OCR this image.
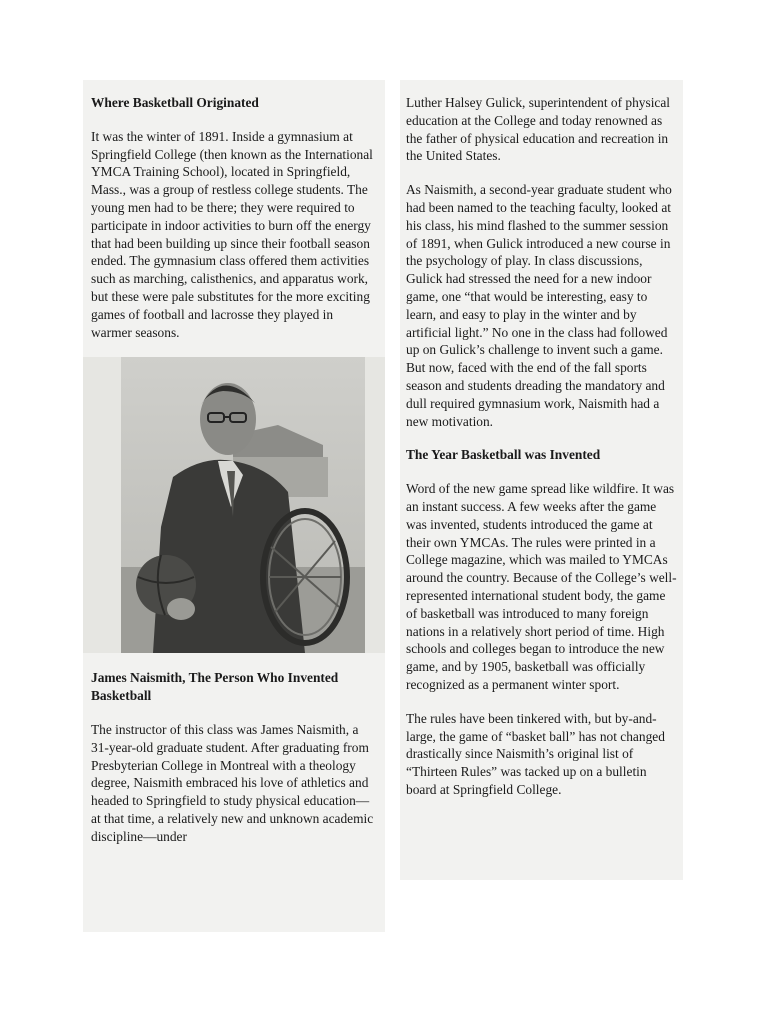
Where Basketball Originated

It was the winter of 1891. Inside a gymnasium at Springfield College (then known as the International YMCA Training School), located in Springfield, Mass., was a group of restless college students. The young men had to be there; they were required to participate in indoor activities to burn off the energy that had been building up since their football season ended. The gymnasium class offered them activities such as marching, calisthenics, and apparatus work, but these were pale substitutes for the more exciting games of football and lacrosse they played in warmer seasons.

James Naismith, The Person Who Invented Basketball

The instructor of this class was James Naismith, a 31-year-old graduate student. After graduating from Presbyterian College in Montreal with a theology degree, Naismith embraced his love of athletics and headed to Springfield to study physical education—at that time, a relatively new and unknown academic discipline—under

Luther Halsey Gulick, superintendent of physical education at the College and today renowned as the father of physical education and recreation in the United States.

As Naismith, a second-year graduate student who had been named to the teaching faculty, looked at his class, his mind flashed to the summer session of 1891, when Gulick introduced a new course in the psychology of play. In class discussions, Gulick had stressed the need for a new indoor game, one “that would be interesting, easy to learn, and easy to play in the winter and by artificial light.” No one in the class had followed up on Gulick’s challenge to invent such a game. But now, faced with the end of the fall sports season and students dreading the mandatory and dull required gymnasium work, Naismith had a new motivation.

The Year Basketball was Invented

Word of the new game spread like wildfire. It was an instant success. A few weeks after the game was invented, students introduced the game at their own YMCAs. The rules were printed in a College magazine, which was mailed to YMCAs around the country. Because of the College’s well-represented international student body, the game of basketball was introduced to many foreign nations in a relatively short period of time. High schools and colleges began to introduce the new game, and by 1905, basketball was officially recognized as a permanent winter sport.

The rules have been tinkered with, but by-and-large, the game of “basket ball” has not changed drastically since Naismith’s original list of “Thirteen Rules” was tacked up on a bulletin board at Springfield College.
